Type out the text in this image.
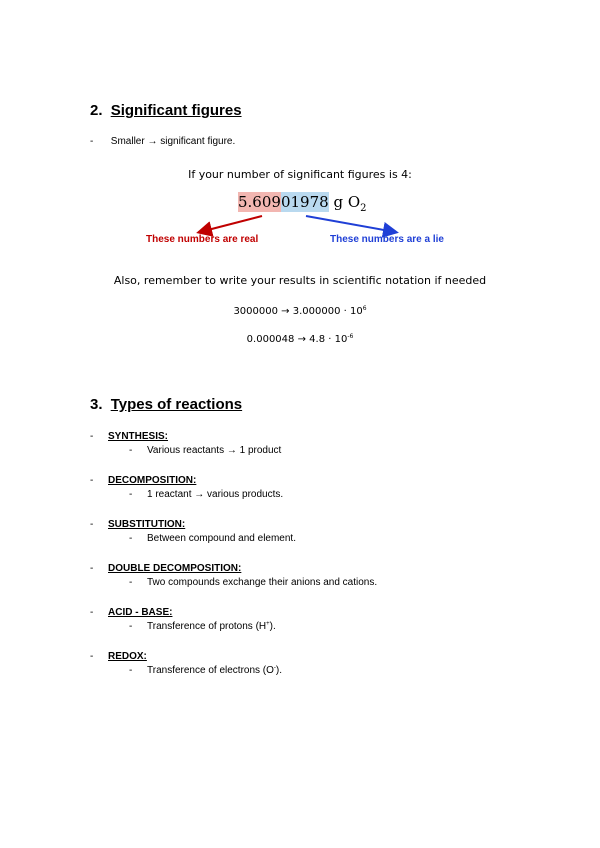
2. Significant figures
- Smaller → significant figure.
If your number of significant figures is 4:
5.60901978 g $O_2$
These numbers are real	These numbers are a lie
Also, remember to write your results in scientific notation if needed
$3000000 \to 3.000000 \cdot 10^6$
$0.000048 \to 4.8 \cdot 10^{-6}$
3. Types of reactions
- SYNTHESIS:
- Various reactants → 1 product
- DECOMPOSITION:
- 1 reactant → various products.
- SUBSTITUTION:
- Between compound and element.
- DOUBLE DECOMPOSITION:
- Two compounds exchange their anions and cations.
- ACID - BASE:
- Transference of protons (H+).
- REDOX:
- Transference of electrons (O-).
